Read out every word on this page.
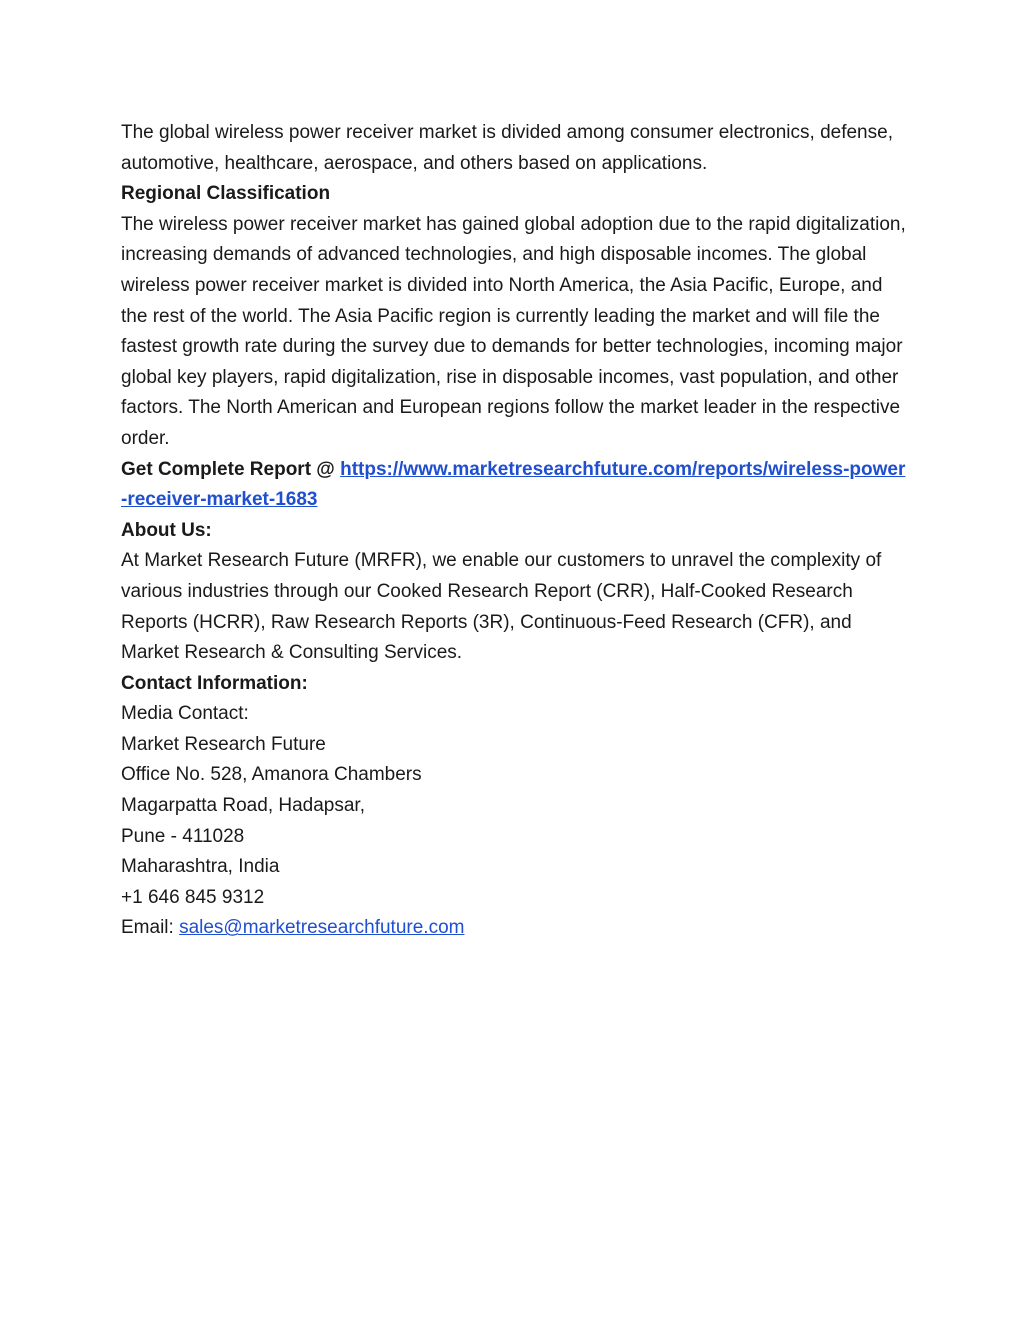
The global wireless power receiver market is divided among consumer electronics, defense, automotive, healthcare, aerospace, and others based on applications.

Regional Classification

The wireless power receiver market has gained global adoption due to the rapid digitalization, increasing demands of advanced technologies, and high disposable incomes. The global wireless power receiver market is divided into North America, the Asia Pacific, Europe, and the rest of the world. The Asia Pacific region is currently leading the market and will file the fastest growth rate during the survey due to demands for better technologies, incoming major global key players, rapid digitalization, rise in disposable incomes, vast population, and other factors. The North American and European regions follow the market leader in the respective order.

Get Complete Report @ https://www.marketresearchfuture.com/reports/wireless-power-receiver-market-1683

About Us:

At Market Research Future (MRFR), we enable our customers to unravel the complexity of various industries through our Cooked Research Report (CRR), Half-Cooked Research Reports (HCRR), Raw Research Reports (3R), Continuous-Feed Research (CFR), and Market Research & Consulting Services.

Contact Information:

Media Contact:

Market Research Future

Office No. 528, Amanora Chambers

Magarpatta Road, Hadapsar,

Pune - 411028

Maharashtra, India

+1 646 845 9312

Email: sales@marketresearchfuture.com
